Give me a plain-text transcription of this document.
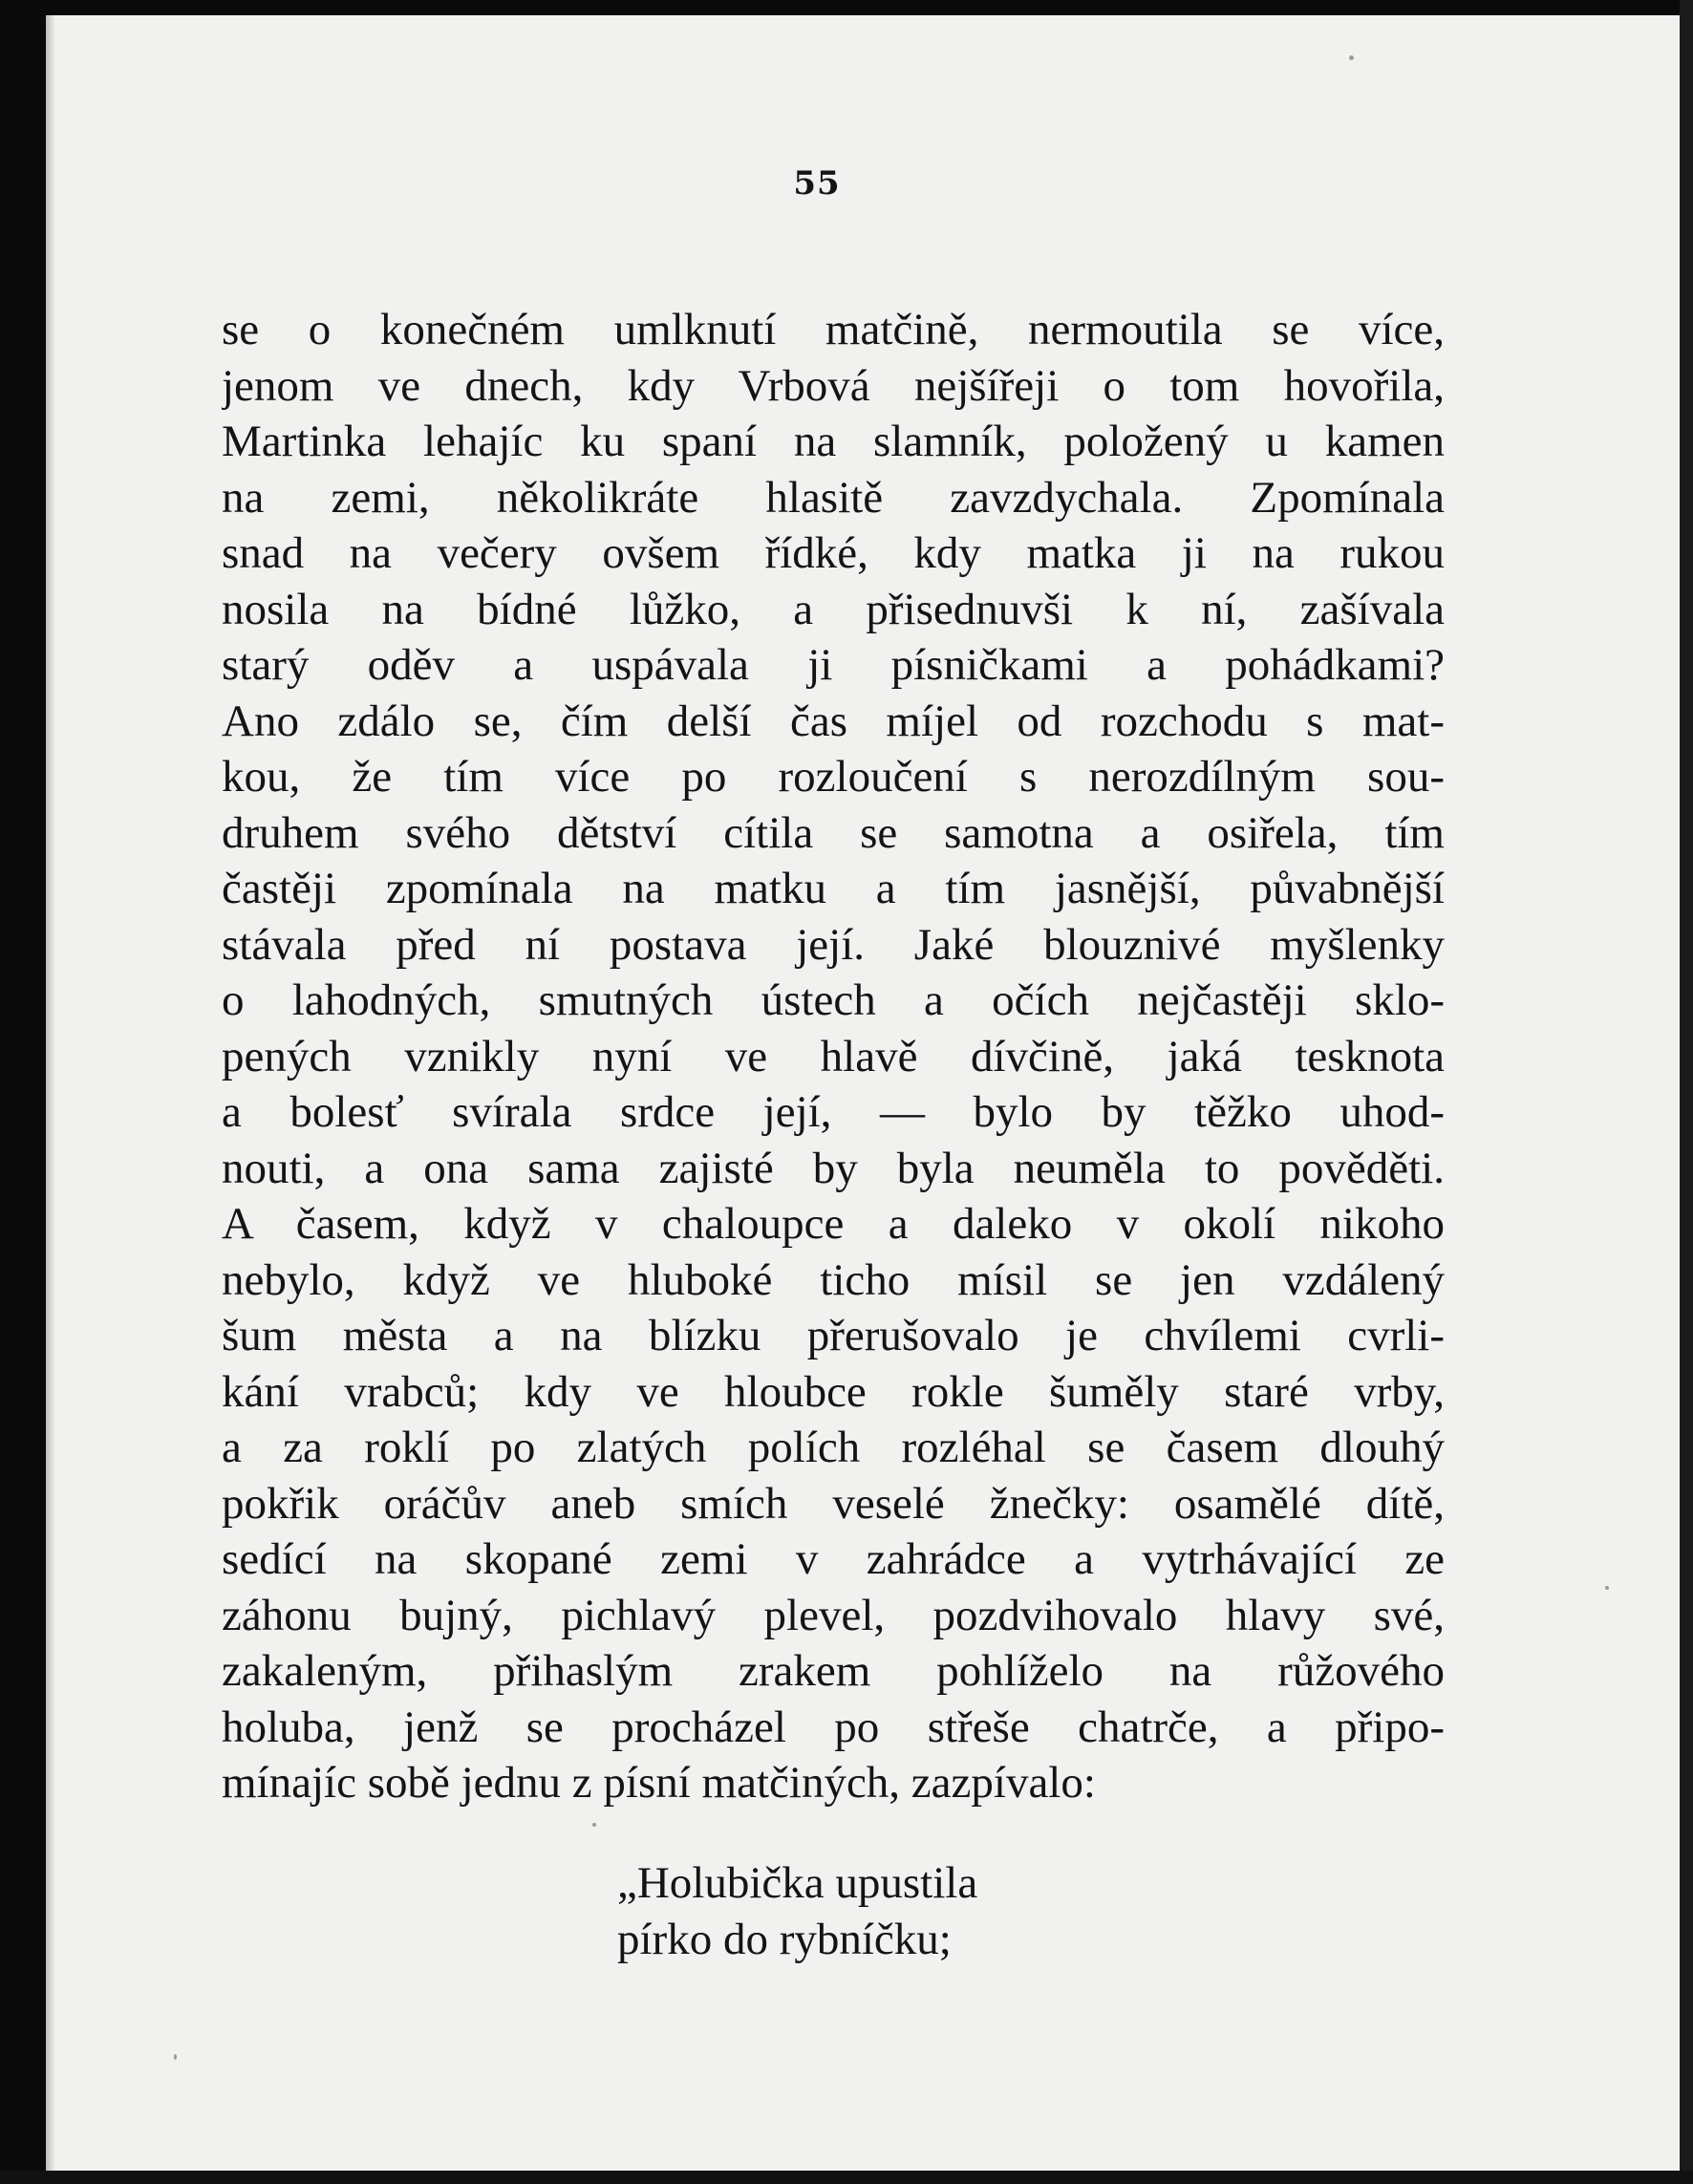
55
se o konečném umlknutí matčině, nermoutila se více,
jenom ve dnech, kdy Vrbová nejšířeji o tom hovořila,
Martinka lehajíc ku spaní na slamník, položený u kamen
na zemi, několikráte hlasitě zavzdychala. Zpomínala
snad na večery ovšem řídké, kdy matka ji na rukou
nosila na bídné lůžko, a přisednuvši k ní, zašívala
starý oděv a uspávala ji písničkami a pohádkami?
Ano zdálo se, čím delší čas míjel od rozchodu s mat-
kou, že tím více po rozloučení s nerozdílným sou-
druhem svého dětství cítila se samotna a osiřela, tím
častěji zpomínala na matku a tím jasnější, půvabnější
stávala před ní postava její. Jaké blouznivé myšlenky
o lahodných, smutných ústech a očích nejčastěji sklo-
pených vznikly nyní ve hlavě dívčině, jaká tesknota
a bolesť svírala srdce její, — bylo by těžko uhod-
nouti, a ona sama zajisté by byla neuměla to pověděti.
A časem, když v chaloupce a daleko v okolí nikoho
nebylo, když ve hluboké ticho mísil se jen vzdálený
šum města a na blízku přerušovalo je chvílemi cvrli-
kání vrabců; kdy ve hloubce rokle šuměly staré vrby,
a za roklí po zlatých polích rozléhal se časem dlouhý
pokřik oráčův aneb smích veselé žnečky: osamělé dítě,
sedící na skopané zemi v zahrádce a vytrhávající ze
záhonu bujný, pichlavý plevel, pozdvihovalo hlavy své,
zakaleným, přihaslým zrakem pohlíželo na růžového
holuba, jenž se procházel po střeše chatrče, a připo-
mínajíc sobě jednu z písní matčiných, zazpívalo:
„Holubička upustila
pírko do rybníčku;
